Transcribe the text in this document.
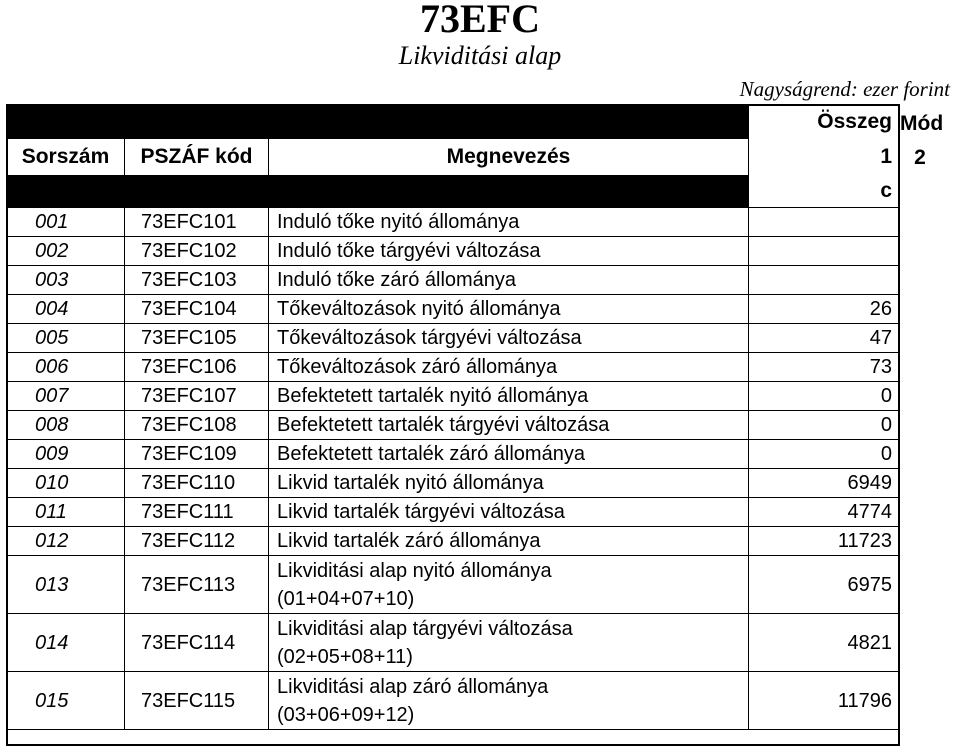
73EFC
Likviditási alap
Nagyságrend: ezer forint
			Összeg
Sorszám	PSZÁF kód	Megnevezés	1
			c
001	73EFC101	Induló tőke nyitó állománya	

002	73EFC102	Induló tőke tárgyévi változása	

003	73EFC103	Induló tőke záró állománya	

004	73EFC104	Tőkeváltozások nyitó állománya	26
005	73EFC105	Tőkeváltozások tárgyévi változása	47
006	73EFC106	Tőkeváltozások záró állománya	73
007	73EFC107	Befektetett tartalék nyitó állománya	0
008	73EFC108	Befektetett tartalék tárgyévi változása	0
009	73EFC109	Befektetett tartalék záró állománya	0
010	73EFC110	Likvid tartalék nyitó állománya	6949
011	73EFC111	Likvid tartalék tárgyévi változása	4774
012	73EFC112	Likvid tartalék záró állománya	11723
013	73EFC113	Likviditási alap nyitó állománya
(01+04+07+10)	6975
014	73EFC114	Likviditási alap tárgyévi változása
(02+05+08+11)	4821
015	73EFC115	Likviditási alap záró állománya
(03+06+09+12)	11796
Mód
2
